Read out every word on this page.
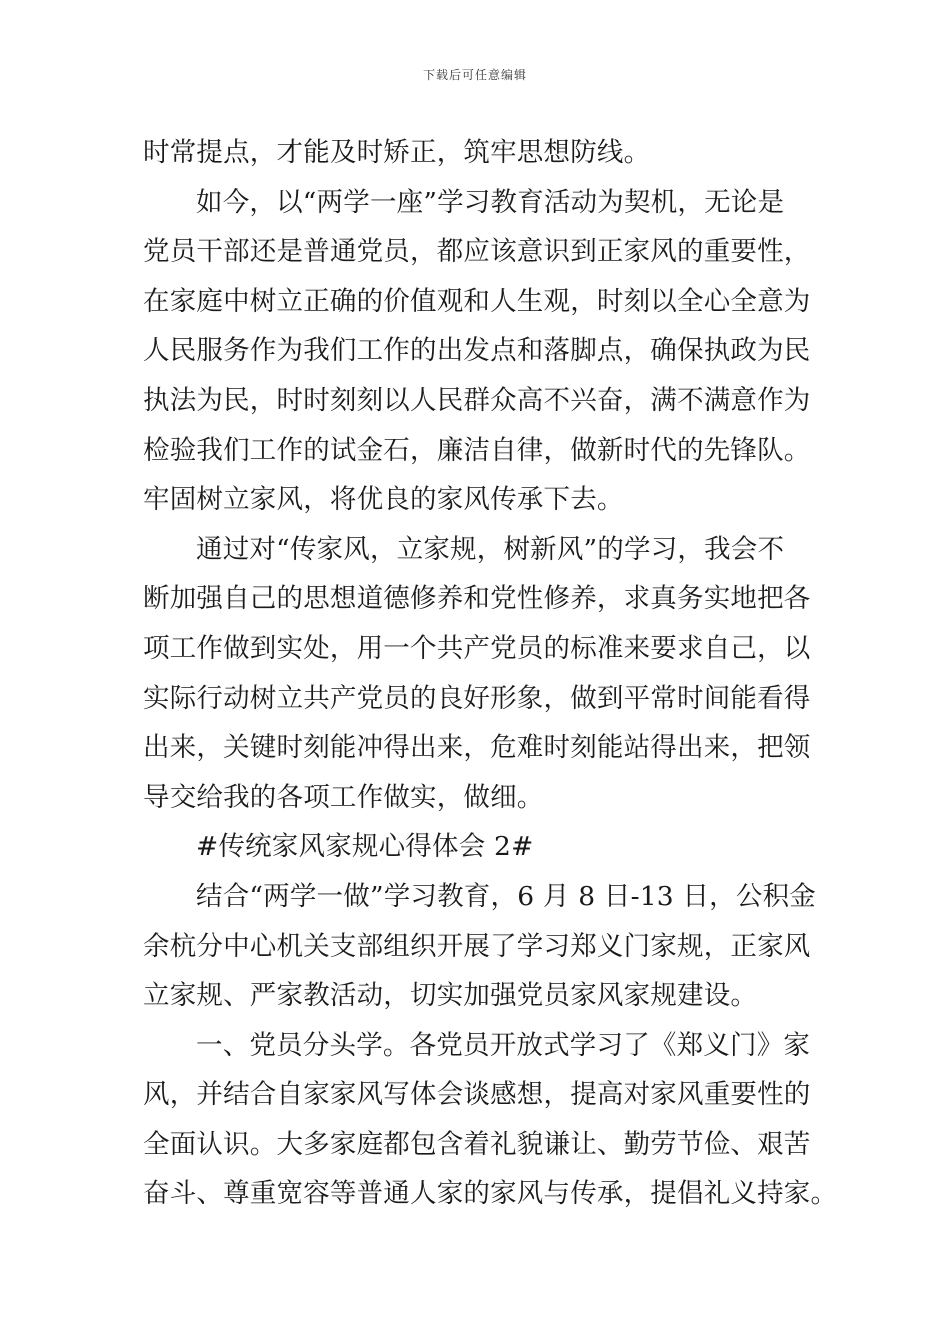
下载后可任意编辑
时常提点，才能及时矫正，筑牢思想防线。
如今，以“两学一座”学习教育活动为契机，无论是
党员干部还是普通党员，都应该意识到正家风的重要性，
在家庭中树立正确的价值观和人生观，时刻以全心全意为
人民服务作为我们工作的出发点和落脚点，确保执政为民
执法为民，时时刻刻以人民群众高不兴奋，满不满意作为
检验我们工作的试金石，廉洁自律，做新时代的先锋队。
牢固树立家风，将优良的家风传承下去。
通过对“传家风，立家规，树新风”的学习，我会不
断加强自己的思想道德修养和党性修养，求真务实地把各
项工作做到实处，用一个共产党员的标准来要求自己，以
实际行动树立共产党员的良好形象，做到平常时间能看得
出来，关键时刻能冲得出来，危难时刻能站得出来，把领
导交给我的各项工作做实，做细。
#传统家风家规心得体会 2#
结合“两学一做”学习教育，6 月 8 日-13 日，公积金
余杭分中心机关支部组织开展了学习郑义门家规，正家风
立家规、严家教活动，切实加强党员家风家规建设。
一、党员分头学。各党员开放式学习了《郑义门》家
风，并结合自家家风写体会谈感想，提高对家风重要性的
全面认识。大多家庭都包含着礼貌谦让、勤劳节俭、艰苦
奋斗、尊重宽容等普通人家的家风与传承，提倡礼义持家。
